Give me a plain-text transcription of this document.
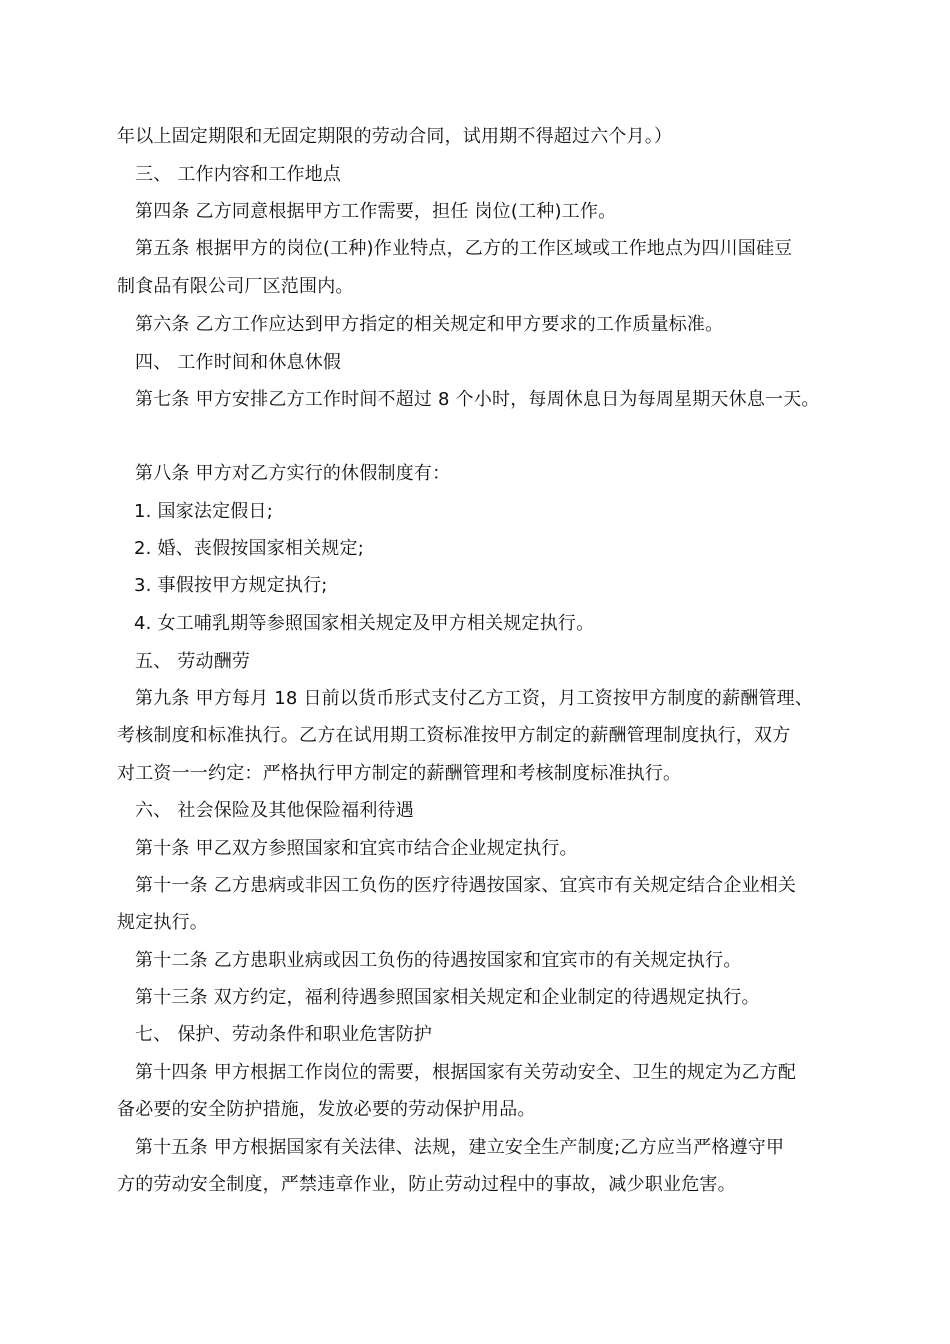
年以上固定期限和无固定期限的劳动合同，试用期不得超过六个月。）
三、 工作内容和工作地点
第四条 乙方同意根据甲方工作需要，担任 岗位(工种)工作。
第五条 根据甲方的岗位(工种)作业特点，乙方的工作区域或工作地点为四川国硅豆
制食品有限公司厂区范围内。
第六条 乙方工作应达到甲方指定的相关规定和甲方要求的工作质量标准。
四、 工作时间和休息休假
第七条 甲方安排乙方工作时间不超过 8 个小时，每周休息日为每周星期天休息一天。
第八条 甲方对乙方实行的休假制度有：
1. 国家法定假日;
2. 婚、丧假按国家相关规定;
3. 事假按甲方规定执行;
4. 女工哺乳期等参照国家相关规定及甲方相关规定执行。
五、 劳动酬劳
第九条 甲方每月 18 日前以货币形式支付乙方工资，月工资按甲方制度的薪酬管理、
考核制度和标准执行。乙方在试用期工资标准按甲方制定的薪酬管理制度执行，双方
对工资一一约定：严格执行甲方制定的薪酬管理和考核制度标准执行。
六、 社会保险及其他保险福利待遇
第十条 甲乙双方参照国家和宜宾市结合企业规定执行。
第十一条 乙方患病或非因工负伤的医疗待遇按国家、宜宾市有关规定结合企业相关
规定执行。
第十二条 乙方患职业病或因工负伤的待遇按国家和宜宾市的有关规定执行。
第十三条 双方约定，福利待遇参照国家相关规定和企业制定的待遇规定执行。
七、 保护、劳动条件和职业危害防护
第十四条 甲方根据工作岗位的需要，根据国家有关劳动安全、卫生的规定为乙方配
备必要的安全防护措施，发放必要的劳动保护用品。
第十五条 甲方根据国家有关法律、法规，建立安全生产制度;乙方应当严格遵守甲
方的劳动安全制度，严禁违章作业，防止劳动过程中的事故，减少职业危害。
